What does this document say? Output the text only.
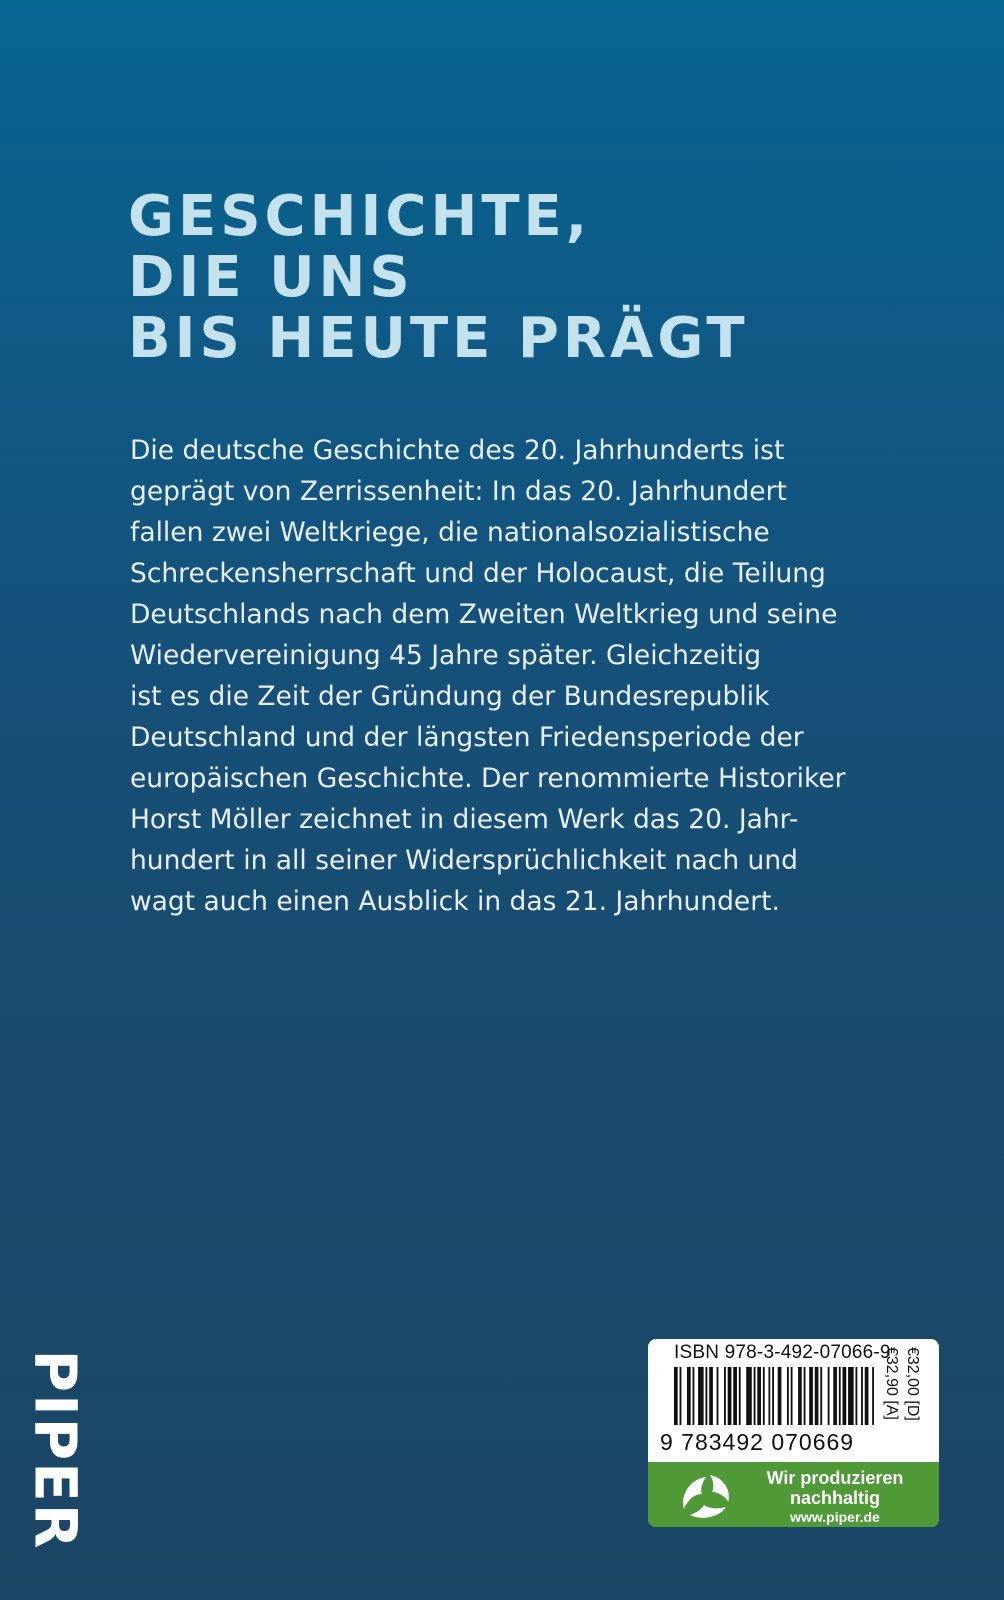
GESCHICHTE,
DIE UNS
BIS HEUTE PRÄGT

Die deutsche Geschichte des 20. Jahrhunderts ist
geprägt von Zerrissenheit: In das 20. Jahrhundert
fallen zwei Weltkriege, die nationalsozialistische
Schreckensherrschaft und der Holocaust, die Teilung
Deutschlands nach dem Zweiten Weltkrieg und seine
Wiedervereinigung 45 Jahre später. Gleichzeitig
ist es die Zeit der Gründung der Bundesrepublik
Deutschland und der längsten Friedensperiode der
europäischen Geschichte. Der renommierte Historiker
Horst Möller zeichnet in diesem Werk das 20. Jahr-
hundert in all seiner Widersprüchlichkeit nach und
wagt auch einen Ausblick in das 21. Jahrhundert.

PIPER	ISBN 978-3-492-07066-9
9 783492 070669
€32,00 [D]
€32,90 [A]
Wir produzieren
nachhaltig
www.piper.de
